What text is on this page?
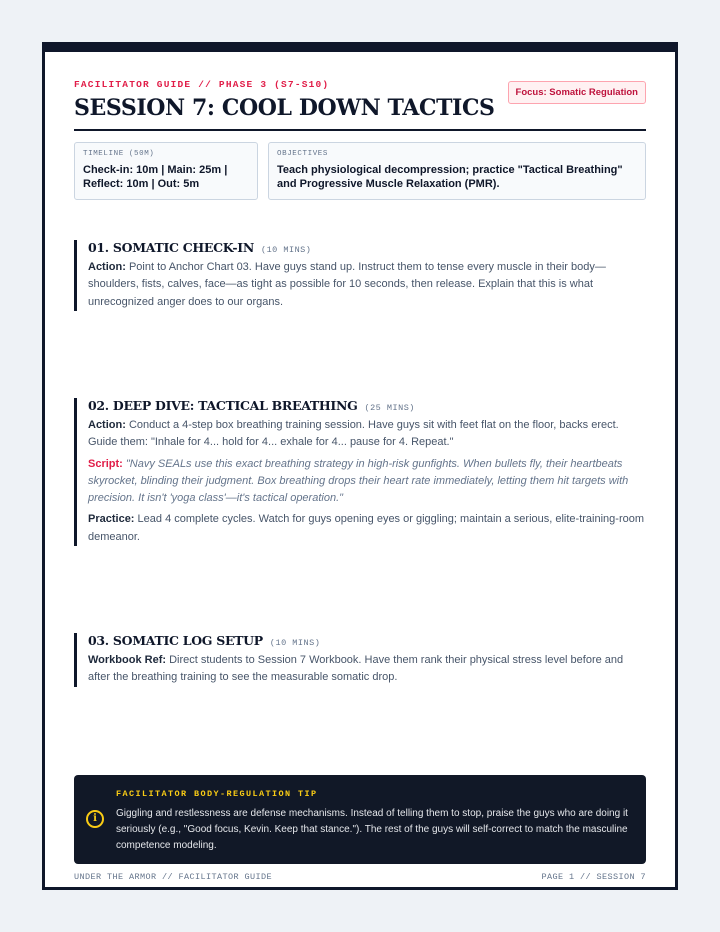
FACILITATOR GUIDE // PHASE 3 (S7-S10)
SESSION 7: COOL DOWN TACTICS
Focus: Somatic Regulation
TIMELINE (50M)
Check-in: 10m | Main: 25m | Reflect: 10m | Out: 5m
OBJECTIVES
Teach physiological decompression; practice "Tactical Breathing" and Progressive Muscle Relaxation (PMR).
01. SOMATIC CHECK-IN (10 MINS)

Action: Point to Anchor Chart 03. Have guys stand up. Instruct them to tense every muscle in their body—shoulders, fists, calves, face—as tight as possible for 10 seconds, then release. Explain that this is what unrecognized anger does to our organs.

02. DEEP DIVE: TACTICAL BREATHING (25 MINS)

Action: Conduct a 4-step box breathing training session. Have guys sit with feet flat on the floor, backs erect. Guide them: "Inhale for 4... hold for 4... exhale for 4... pause for 4. Repeat."

Script: "Navy SEALs use this exact breathing strategy in high-risk gunfights. When bullets fly, their heartbeats skyrocket, blinding their judgment. Box breathing drops their heart rate immediately, letting them hit targets with precision. It isn't 'yoga class'—it's tactical operation."

Practice: Lead 4 complete cycles. Watch for guys opening eyes or giggling; maintain a serious, elite-training-room demeanor.

03. SOMATIC LOG SETUP (10 MINS)

Workbook Ref: Direct students to Session 7 Workbook. Have them rank their physical stress level before and after the breathing training to see the measurable somatic drop.

i
FACILITATOR BODY-REGULATION TIP
Giggling and restlessness are defense mechanisms. Instead of telling them to stop, praise the guys who are doing it seriously (e.g., "Good focus, Kevin. Keep that stance."). The rest of the guys will self-correct to match the masculine competence modeling.
UNDER THE ARMOR // FACILITATOR GUIDE	PAGE 1 // SESSION 7
